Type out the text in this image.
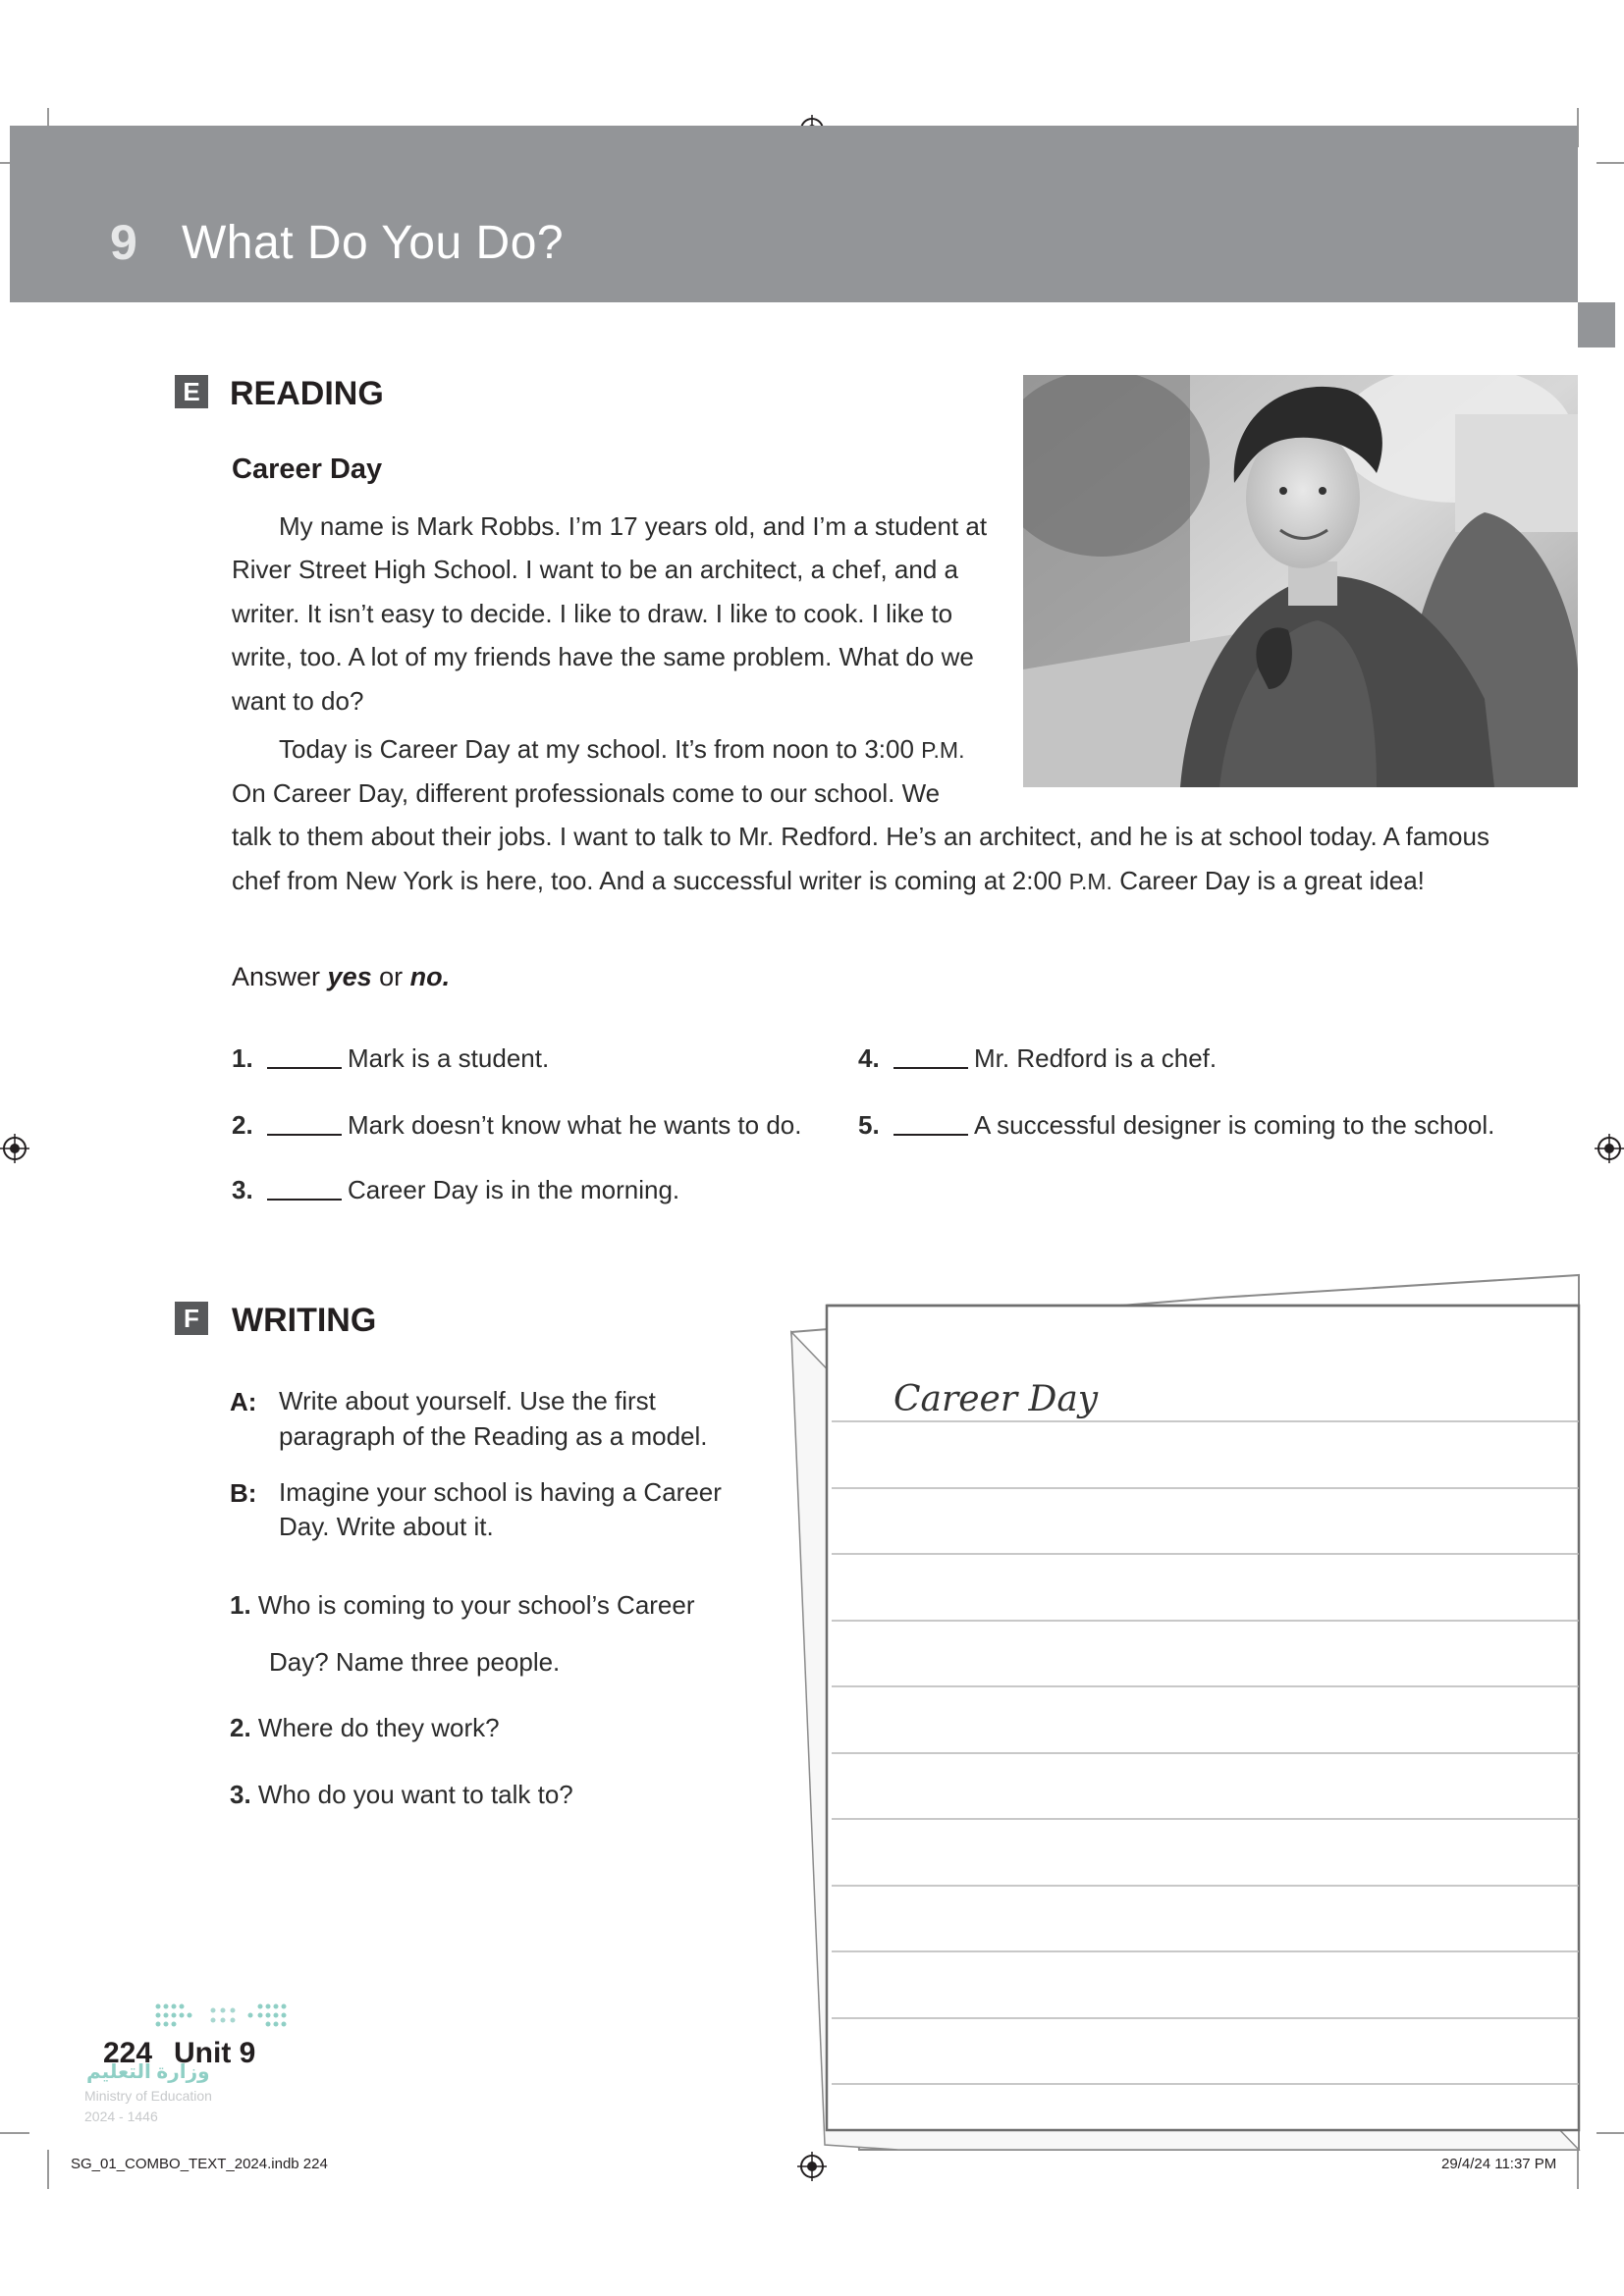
9 What Do You Do?
E READING
Career Day
My name is Mark Robbs. I’m 17 years old, and I’m a student at
River Street High School. I want to be an architect, a chef, and a
writer. It isn’t easy to decide. I like to draw. I like to cook. I like to
write, too. A lot of my friends have the same problem. What do we
want to do?
Today is Career Day at my school. It’s from noon to 3:00 P.M.
On Career Day, different professionals come to our school. We
talk to them about their jobs. I want to talk to Mr. Redford. He’s an architect, and he is at school today. A famous
chef from New York is here, too. And a successful writer is coming at 2:00 P.M. Career Day is a great idea!
Answer yes or no.
1.	Mark is a student.
2.	Mark doesn’t know what he wants to do.
3.	Career Day is in the morning.
4.	Mr. Redford is a chef.
5.	A successful designer is coming to the school.
F WRITING
A: Write about yourself. Use the first
paragraph of the Reading as a model.
B: Imagine your school is having a Career
Day. Write about it.
1. Who is coming to your school’s Career
Day? Name three people.
2. Where do they work?
3. Who do you want to talk to?
Career Day
وزارة التعليم
Ministry of Education
2024 - 1446
224 Unit 9
SG_01_COMBO_TEXT_2024.indb 224	29/4/24 11:37 PM
